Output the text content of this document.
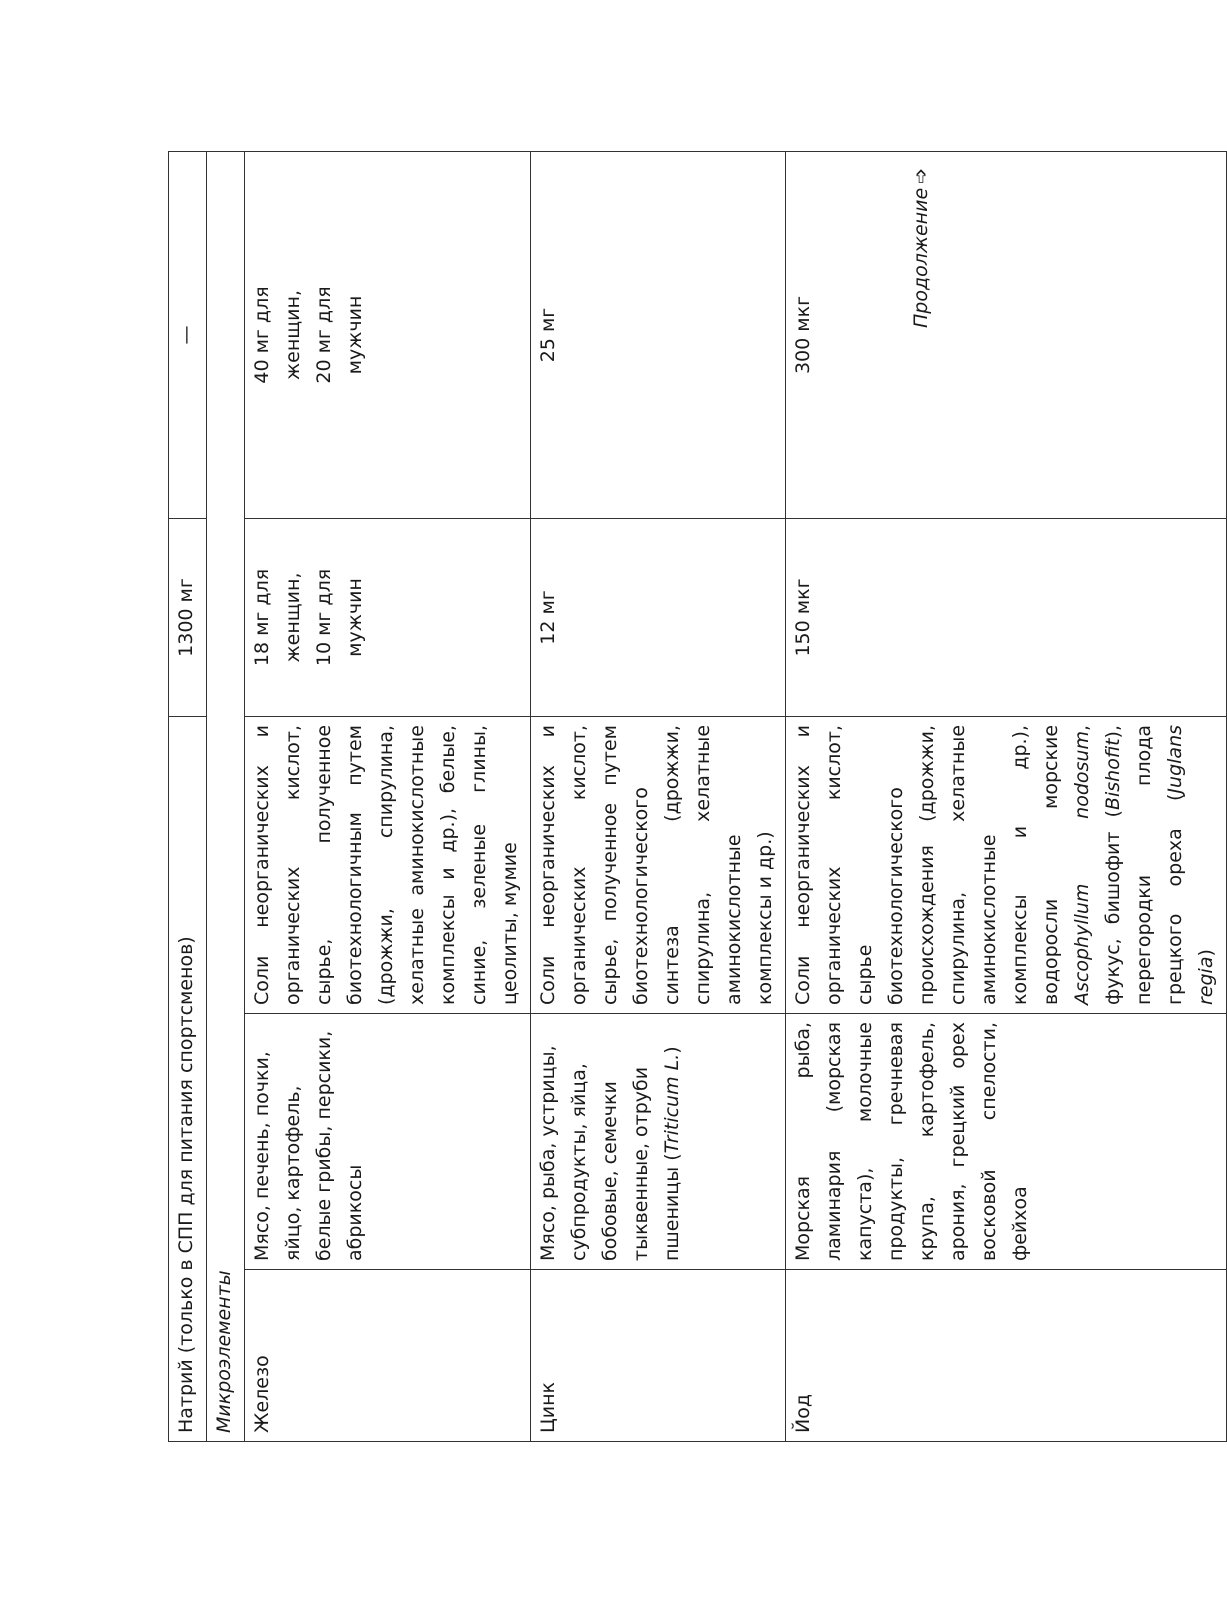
Натрий (только в СПП для питания спортсменов)			1300 мг	—
Микроэлементы				
Железо	Мясо, печень, почки, яйцо, картофель, белые грибы, персики, абрикосы	Соли неорганических и органических кислот, сырье, полученное биотехнологичным путем (дрожжи, спирулина, хелатные аминокислотные комплексы и др.), белые, синие, зеленые глины, цеолиты, мумие	18 мг для женщин, 10 мг для мужчин	40 мг для женщин, 20 мг для мужчин

Цинк	Мясо, рыба, устрицы, субпродукты, яйца, бобовые, семечки тыквенные, отруби пшеницы (Triticum L.)	Соли неорганических и органических кислот, сырье, полученное путем биотехнологического синтеза (дрожжи, спирулина, хелатные аминокислотные комплексы и др.)	12 мг	25 мг
Йод	Морская рыба, ламинария (морская капуста), молочные продукты, гречневая крупа, картофель, арония, грецкий орех восковой спелости, фейхоа	Соли неорганических и органических кислот, сырье биотехнологического происхождения (дрожжи, спирулина, хелатные аминокислотные комплексы и др.), водоросли морские Ascophyllum nodosum, фукус, бишофит (Bishofit), перегородки плода грецкого ореха (Juglans regia)	150 мкг	300 мкг
Продолжение➩
